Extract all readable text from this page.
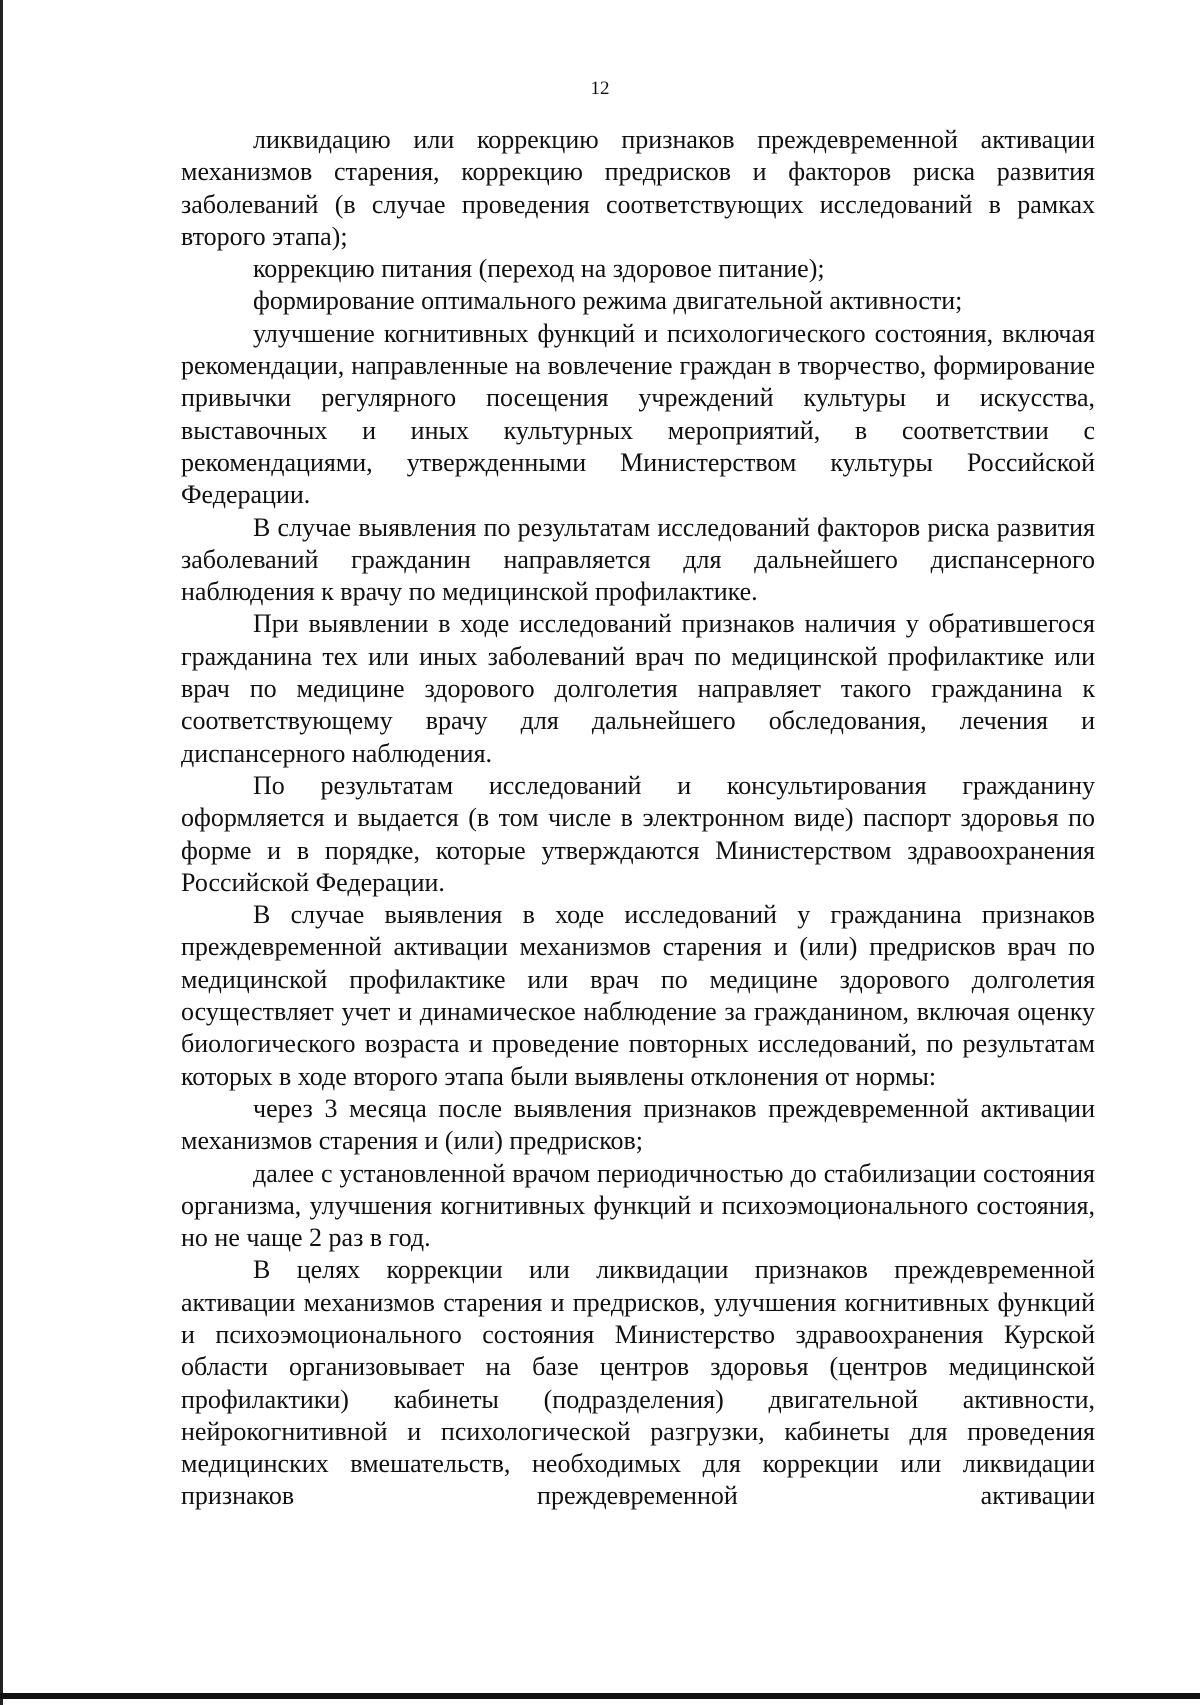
12

ликвидацию или коррекцию признаков преждевременной активации механизмов старения, коррекцию предрисков и факторов риска развития заболеваний (в случае проведения соответствующих исследований в рамках второго этапа);

коррекцию питания (переход на здоровое питание);

формирование оптимального режима двигательной активности;

улучшение когнитивных функций и психологического состояния, включая рекомендации, направленные на вовлечение граждан в творчество, формирование привычки регулярного посещения учреждений культуры и искусства, выставочных и иных культурных мероприятий, в соответствии с рекомендациями, утвержденными Министерством культуры Российской Федерации.

В случае выявления по результатам исследований факторов риска развития заболеваний гражданин направляется для дальнейшего диспансерного наблюдения к врачу по медицинской профилактике.

При выявлении в ходе исследований признаков наличия у обратившегося гражданина тех или иных заболеваний врач по медицинской профилактике или врач по медицине здорового долголетия направляет такого гражданина к соответствующему врачу для дальнейшего обследования, лечения и диспансерного наблюдения.

По результатам исследований и консультирования гражданину оформляется и выдается (в том числе в электронном виде) паспорт здоровья по форме и в порядке, которые утверждаются Министерством здравоохранения Российской Федерации.

В случае выявления в ходе исследований у гражданина признаков преждевременной активации механизмов старения и (или) предрисков врач по медицинской профилактике или врач по медицине здорового долголетия осуществляет учет и динамическое наблюдение за гражданином, включая оценку биологического возраста и проведение повторных исследований, по результатам которых в ходе второго этапа были выявлены отклонения от нормы:

через 3 месяца после выявления признаков преждевременной активации механизмов старения и (или) предрисков;

далее с установленной врачом периодичностью до стабилизации состояния организма, улучшения когнитивных функций и психоэмоционального состояния, но не чаще 2 раз в год.

В целях коррекции или ликвидации признаков преждевременной активации механизмов старения и предрисков, улучшения когнитивных функций и психоэмоционального состояния Министерство здравоохранения Курской области организовывает на базе центров здоровья (центров медицинской профилактики) кабинеты (подразделения) двигательной активности, нейрокогнитивной и психологической разгрузки, кабинеты для проведения медицинских вмешательств, необходимых для коррекции или ликвидации признаков преждевременной активации
